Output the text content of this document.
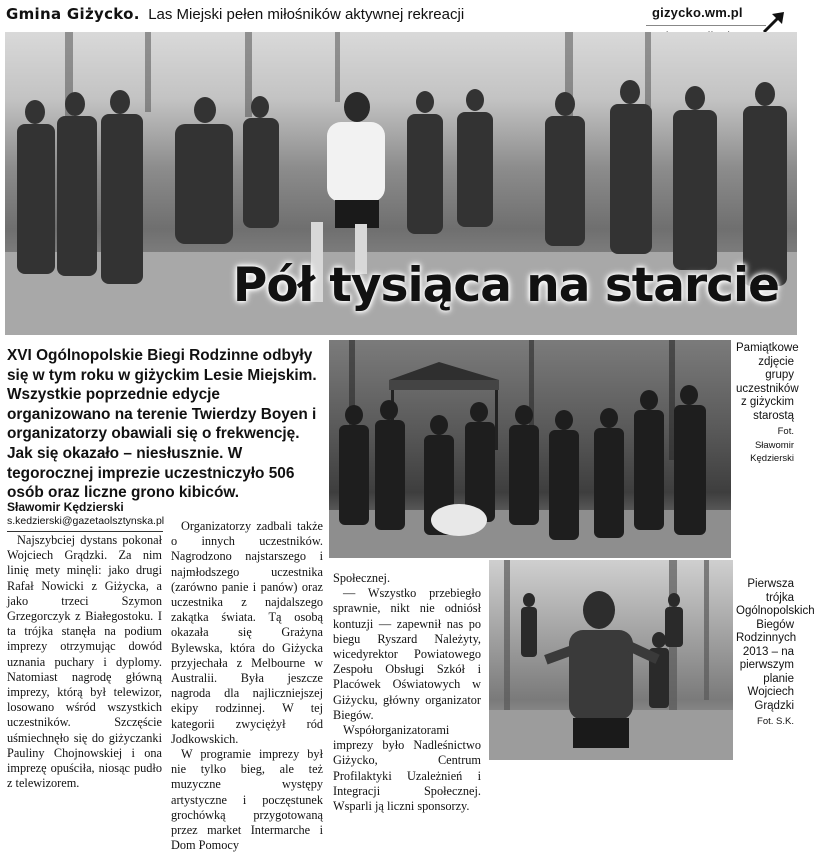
Gmina Giżycko. Las Miejski pełen miłośników aktywnej rekreacji	gizycko.wm.pl
Pół tysiąca na starcie
XVI Ogólnopolskie Biegi Rodzinne odbyły się w tym roku w giżyckim Lesie Miejskim. Wszystkie poprzednie edycje organizowano na terenie Twierdzy Boyen i organizatorzy obawiali się o frekwencję. Jak się okazało – niesłusznie. W tegorocznej imprezie uczestniczyło 506 osób oraz liczne grono kibiców.
Sławomir Kędzierski
s.kedzierski@gazetaolsztynska.pl

Najszybciej dystans pokonał Wojciech Grądzki. Za nim linię mety minęli: jako drugi Rafał Nowicki z Giżycka, a jako trzeci Szymon Grzegorczyk z Białegostoku. I ta trójka stanęła na podium imprezy otrzymując dowód uznania puchary i dyplomy. Natomiast nagrodę główną imprezy, którą był telewizor, losowano wśród wszystkich uczestników. Szczęście uśmiechnęło się do giżyczanki Pauliny Chojnowskiej i ona imprezę opuściła, niosąc pudło z telewizorem.

Organizatorzy zadbali także o innych uczestników. Nagrodzono najstarszego i najmłodszego uczestnika (zarówno panie i panów) oraz uczestnika z najdalszego zakątka świata. Tą osobą okazała się Grażyna Bylewska, która do Giżycka przyjechała z Melbourne w Australii. Była jeszcze nagroda dla najliczniejszej ekipy rodzinnej. W tej kategorii zwyciężył ród Jodkowskich.

W programie imprezy był nie tylko bieg, ale też muzyczne występy artystyczne i poczęstunek grochówką przygotowaną przez market Intermarche i Dom Pomocy

Społecznej.

— Wszystko przebiegło sprawnie, nikt nie odniósł kontuzji — zapewnił nas po biegu Ryszard Należyty, wicedyrektor Powiatowego Zespołu Obsługi Szkół i Placówek Oświatowych w Giżycku, główny organizator Biegów.

Współorganizatorami imprezy było Nadleśnictwo Giżycko, Centrum Profilaktyki Uzależnień i Integracji Społecznej. Wsparli ją liczni sponsorzy.

Pamiątkowe zdjęcie grupy uczestników z giżyckim starostą
Fot. Sławomir Kędzierski
Pierwsza trójka Ogólnopolskich Biegów Rodzinnych 2013 – na pierwszym planie Wojciech Grądzki
Fot. S.K.
